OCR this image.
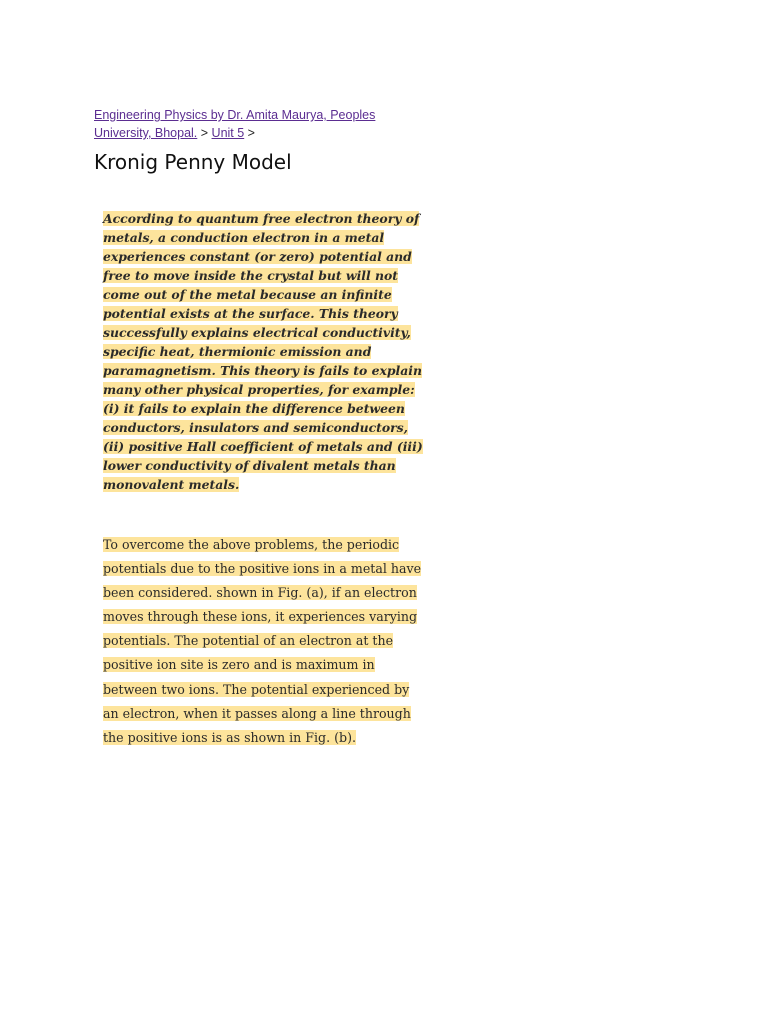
Engineering Physics by Dr. Amita Maurya, Peoples University, Bhopal. > Unit 5 >
Kronig Penny Model

According to quantum free electron theory of metals, a conduction electron in a metal experiences constant (or zero) potential and free to move inside the crystal but will not come out of the metal because an infinite potential exists at the surface. This theory successfully explains electrical conductivity, specific heat, thermionic emission and paramagnetism. This theory is fails to explain many other physical properties, for example: (i) it fails to explain the difference between conductors, insulators and semiconductors, (ii) positive Hall coefficient of metals and (iii) lower conductivity of divalent metals than monovalent metals.

To overcome the above problems, the periodic potentials due to the positive ions in a metal have been considered. shown in Fig. (a), if an electron moves through these ions, it experiences varying potentials. The potential of an electron at the positive ion site is zero and is maximum in between two ions. The potential experienced by an electron, when it passes along a line through the positive ions is as shown in Fig. (b).
